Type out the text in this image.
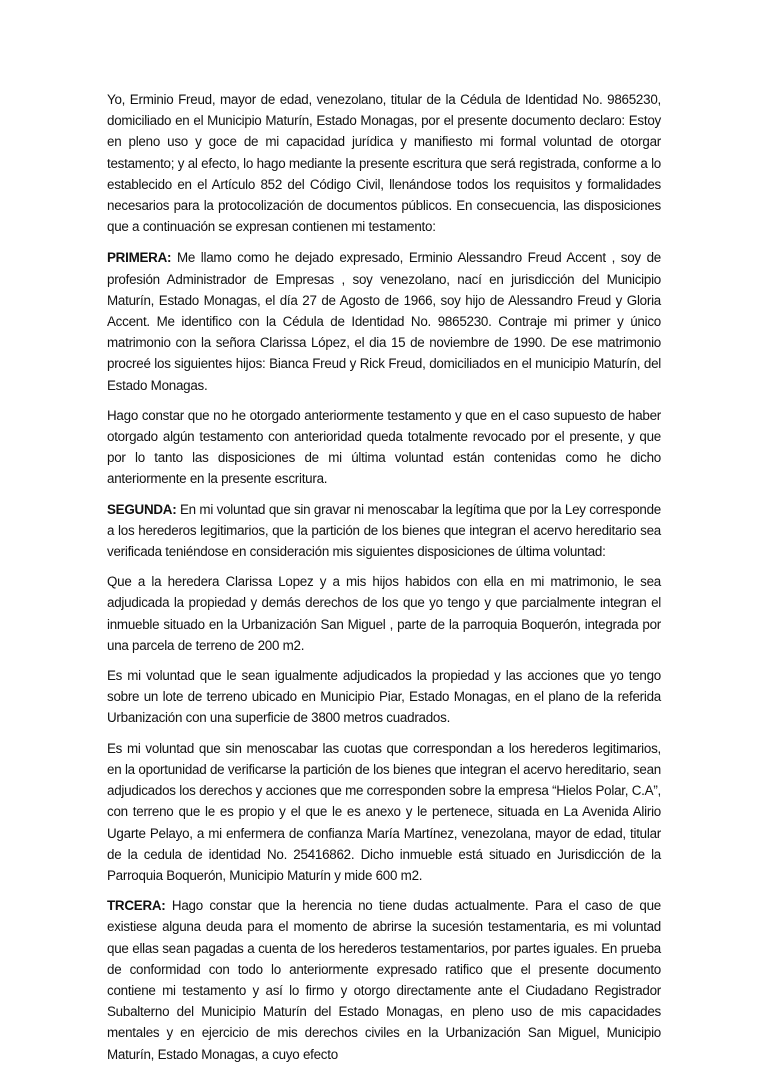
Yo, Erminio Freud, mayor de edad, venezolano, titular de la Cédula de Identidad No. 9865230, domiciliado en el Municipio Maturín, Estado Monagas, por el presente documento declaro: Estoy en pleno uso y goce de mi capacidad jurídica y manifiesto mi formal voluntad de otorgar testamento; y al efecto, lo hago mediante la presente escritura que será registrada, conforme a lo establecido en el Artículo 852 del Código Civil, llenándose todos los requisitos y formalidades necesarios para la protocolización de documentos públicos. En consecuencia, las disposiciones que a continuación se expresan contienen mi testamento:

PRIMERA: Me llamo como he dejado expresado, Erminio Alessandro Freud Accent , soy de profesión Administrador de Empresas , soy venezolano, nací en jurisdicción del Municipio Maturín, Estado Monagas, el día 27 de Agosto de 1966, soy hijo de Alessandro Freud y Gloria Accent. Me identifico con la Cédula de Identidad No. 9865230. Contraje mi primer y único matrimonio con la señora Clarissa López, el dia 15 de noviembre de 1990. De ese matrimonio procreé los siguientes hijos: Bianca Freud y Rick Freud, domiciliados en el municipio Maturín, del Estado Monagas.

Hago constar que no he otorgado anteriormente testamento y que en el caso supuesto de haber otorgado algún testamento con anterioridad queda totalmente revocado por el presente, y que por lo tanto las disposiciones de mi última voluntad están contenidas como he dicho anteriormente en la presente escritura.

SEGUNDA: En mi voluntad que sin gravar ni menoscabar la legítima que por la Ley corresponde a los herederos legitimarios, que la partición de los bienes que integran el acervo hereditario sea verificada teniéndose en consideración mis siguientes disposiciones de última voluntad:

Que a la heredera Clarissa Lopez y a mis hijos habidos con ella en mi matrimonio, le sea adjudicada la propiedad y demás derechos de los que yo tengo y que parcialmente integran el inmueble situado en la Urbanización San Miguel , parte de la parroquia Boquerón, integrada por una parcela de terreno de 200 m2.

Es mi voluntad que le sean igualmente adjudicados la propiedad y las acciones que yo tengo sobre un lote de terreno ubicado en Municipio Piar, Estado Monagas, en el plano de la referida Urbanización con una superficie de 3800 metros cuadrados.

Es mi voluntad que sin menoscabar las cuotas que correspondan a los herederos legitimarios, en la oportunidad de verificarse la partición de los bienes que integran el acervo hereditario, sean adjudicados los derechos y acciones que me corresponden sobre la empresa “Hielos Polar, C.A”, con terreno que le es propio y el que le es anexo y le pertenece, situada en La Avenida Alirio Ugarte Pelayo, a mi enfermera de confianza María Martínez, venezolana, mayor de edad, titular de la cedula de identidad No. 25416862. Dicho inmueble está situado en Jurisdicción de la Parroquia Boquerón, Municipio Maturín y mide 600 m2.

TRCERA: Hago constar que la herencia no tiene dudas actualmente. Para el caso de que existiese alguna deuda para el momento de abrirse la sucesión testamentaria, es mi voluntad que ellas sean pagadas a cuenta de los herederos testamentarios, por partes iguales. En prueba de conformidad con todo lo anteriormente expresado ratifico que el presente documento contiene mi testamento y así lo firmo y otorgo directamente ante el Ciudadano Registrador Subalterno del Municipio Maturín del Estado Monagas, en pleno uso de mis capacidades mentales y en ejercicio de mis derechos civiles en la Urbanización San Miguel, Municipio Maturín, Estado Monagas, a cuyo efecto
